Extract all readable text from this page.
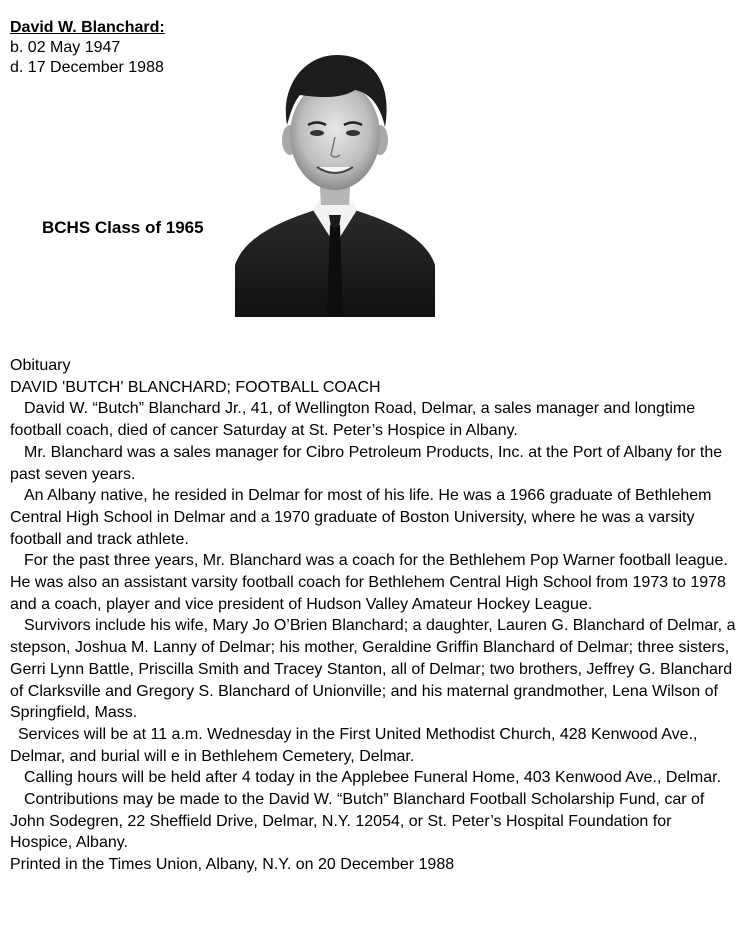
David W. Blanchard:
b. 02 May 1947
d. 17 December 1988
BCHS Class of 1965

Obituary

DAVID 'BUTCH' BLANCHARD; FOOTBALL COACH

David W. “Butch” Blanchard Jr., 41, of Wellington Road, Delmar, a sales manager and longtime football coach, died of cancer Saturday at St. Peter’s Hospice in Albany.

Mr. Blanchard was a sales manager for Cibro Petroleum Products, Inc. at the Port of Albany for the past seven years.

An Albany native, he resided in Delmar for most of his life. He was a 1966 graduate of Bethlehem Central High School in Delmar and a 1970 graduate of Boston University, where he was a varsity football and track athlete.

For the past three years, Mr. Blanchard was a coach for the Bethlehem Pop Warner football league. He was also an assistant varsity football coach for Bethlehem Central High School from 1973 to 1978 and a coach, player and vice president of Hudson Valley Amateur Hockey League.

Survivors include his wife, Mary Jo O’Brien Blanchard; a daughter, Lauren G. Blanchard of Delmar, a stepson, Joshua M. Lanny of Delmar; his mother, Geraldine Griffin Blanchard of Delmar; three sisters, Gerri Lynn Battle, Priscilla Smith and Tracey Stanton, all of Delmar; two brothers, Jeffrey G. Blanchard of Clarksville and Gregory S. Blanchard of Unionville; and his maternal grandmother, Lena Wilson of Springfield, Mass.

Services will be at 11 a.m. Wednesday in the First United Methodist Church, 428 Kenwood Ave., Delmar, and burial will e in Bethlehem Cemetery, Delmar.

Calling hours will be held after 4 today in the Applebee Funeral Home, 403 Kenwood Ave., Delmar.

Contributions may be made to the David W. “Butch” Blanchard Football Scholarship Fund, car of John Sodegren, 22 Sheffield Drive, Delmar, N.Y. 12054, or St. Peter’s Hospital Foundation for Hospice, Albany.

Printed in the Times Union, Albany, N.Y. on 20 December 1988
